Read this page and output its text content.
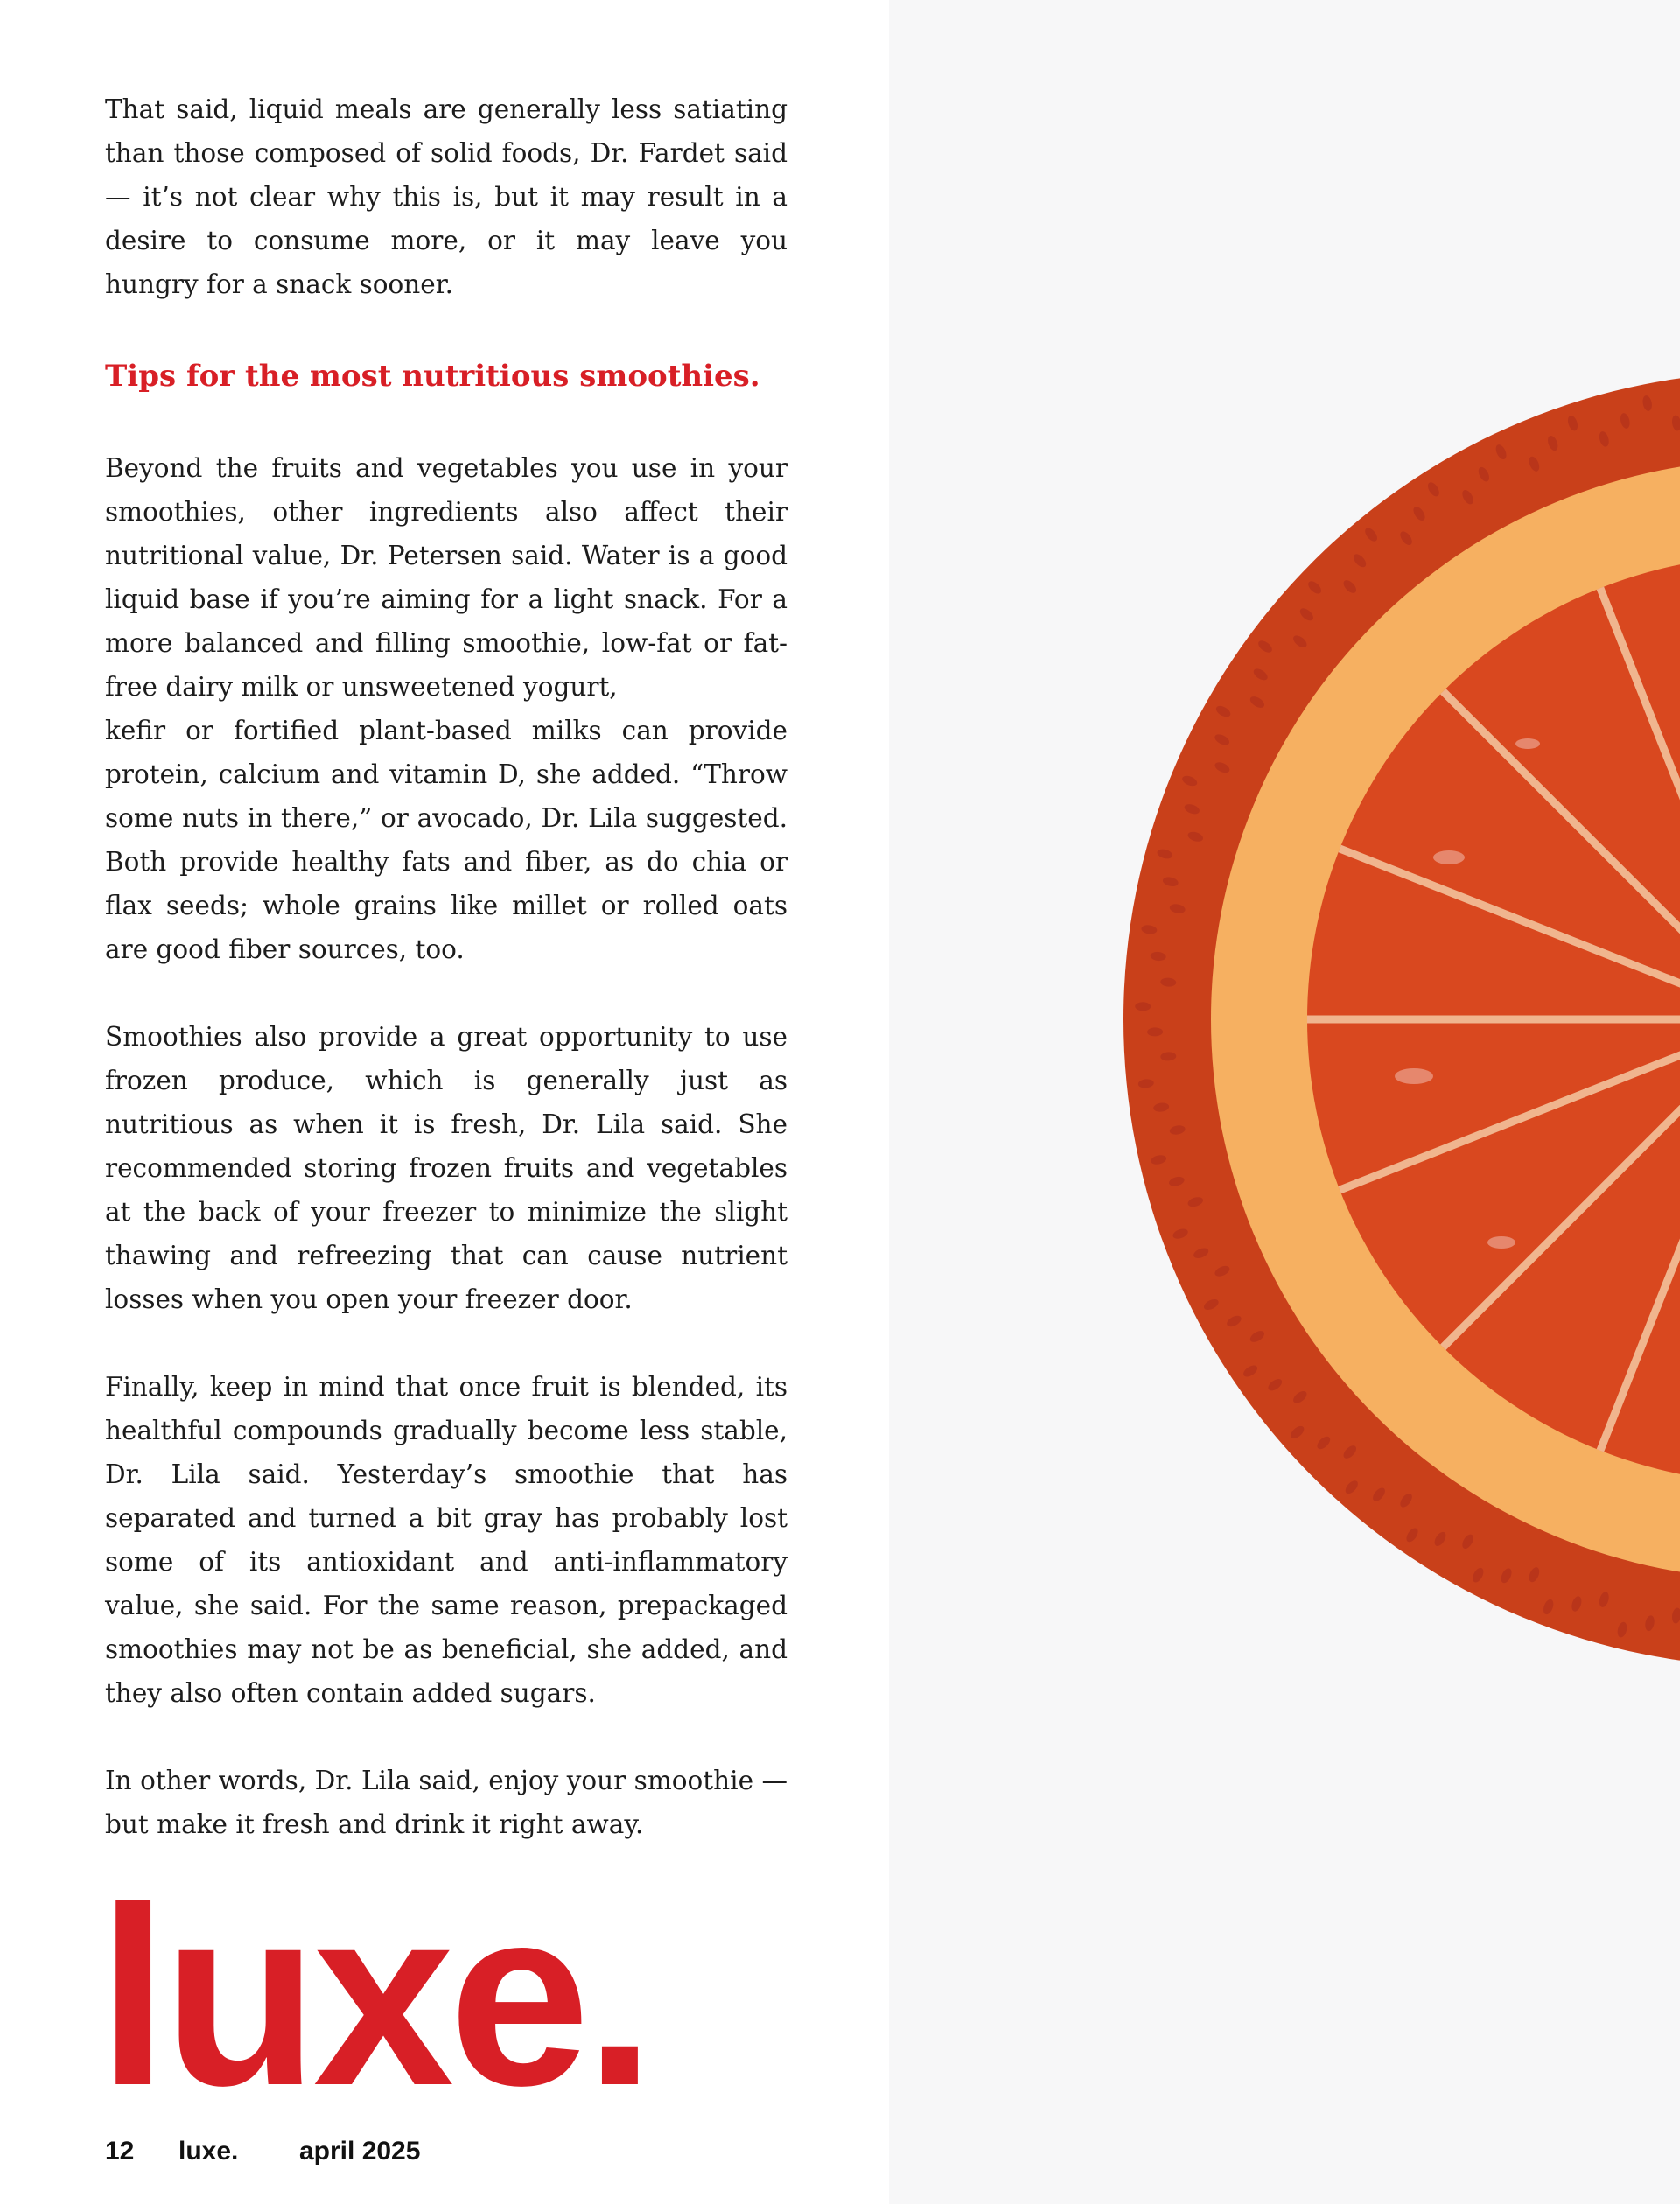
That said, liquid meals are generally less satiating than those composed of solid foods, Dr. Fardet said — it’s not clear why this is, but it may result in a desire to consume more, or it may leave you hungry for a snack sooner.

Tips for the most nutritious smoothies.

Beyond the fruits and vegetables you use in your smoothies, other ingredients also affect their nutritional value, Dr. Petersen said. Water is a good liquid base if you’re aiming for a light snack. For a more balanced and filling smoothie, low-fat or fat-free dairy milk or unsweetened yogurt,
kefir or fortified plant-based milks can provide protein, calcium and vitamin D, she added. “Throw some nuts in there,” or avocado, Dr. Lila suggested. Both provide healthy fats and fiber, as do chia or flax seeds; whole grains like millet or rolled oats are good fiber sources, too.

Smoothies also provide a great opportunity to use frozen produce, which is generally just as nutritious as when it is fresh, Dr. Lila said. She recommended storing frozen fruits and vegetables at the back of your freezer to minimize the slight thawing and refreezing that can cause nutrient losses when you open your freezer door.

Finally, keep in mind that once fruit is blended, its healthful compounds gradually become less stable, Dr. Lila said. Yesterday’s smoothie that has separated and turned a bit gray has probably lost some of its antioxidant and anti-inflammatory value, she said. For the same reason, prepackaged smoothies may not be as beneficial, she added, and they also often contain added sugars.

In other words, Dr. Lila said, enjoy your smoothie — but make it fresh and drink it right away.

luxe.
12 luxe. april 2025
